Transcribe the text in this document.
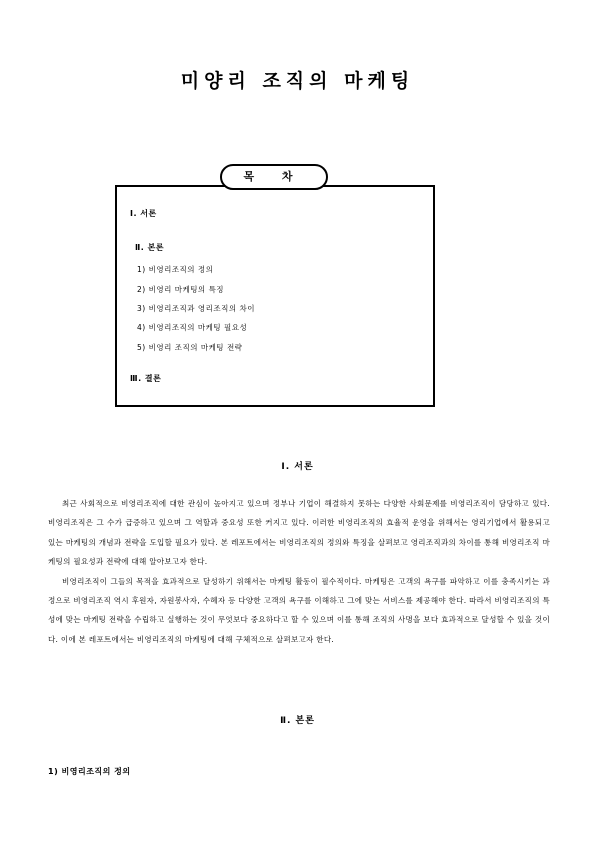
미양리 조직의 마케팅
목 차
Ⅰ. 서론
Ⅱ. 본론
1) 비영리조직의 정의
2) 비영리 마케팅의 특징
3) 비영리조직과 영리조직의 차이
4) 비영리조직의 마케팅 필요성
5) 비영리 조직의 마케팅 전략
Ⅲ. 결론
Ⅰ. 서론

최근 사회적으로 비영리조직에 대한 관심이 높아지고 있으며 정부나 기업이 해결하지 못하는 다양한 사회문제를 비영리조직이 담당하고 있다. 비영리조직은 그 수가 급증하고 있으며 그 역할과 중요성 또한 커지고 있다. 이러한 비영리조직의 효율적 운영을 위해서는 영리기업에서 활용되고 있는 마케팅의 개념과 전략을 도입할 필요가 있다. 본 레포트에서는 비영리조직의 정의와 특징을 살펴보고 영리조직과의 차이를 통해 비영리조직 마케팅의 필요성과 전략에 대해 알아보고자 한다.

비영리조직이 그들의 목적을 효과적으로 달성하기 위해서는 마케팅 활동이 필수적이다. 마케팅은 고객의 욕구를 파악하고 이를 충족시키는 과정으로 비영리조직 역시 후원자, 자원봉사자, 수혜자 등 다양한 고객의 욕구를 이해하고 그에 맞는 서비스를 제공해야 한다. 따라서 비영리조직의 특성에 맞는 마케팅 전략을 수립하고 실행하는 것이 무엇보다 중요하다고 할 수 있으며 이를 통해 조직의 사명을 보다 효과적으로 달성할 수 있을 것이다. 이에 본 레포트에서는 비영리조직의 마케팅에 대해 구체적으로 살펴보고자 한다.

Ⅱ. 본론
1) 비영리조직의 정의
